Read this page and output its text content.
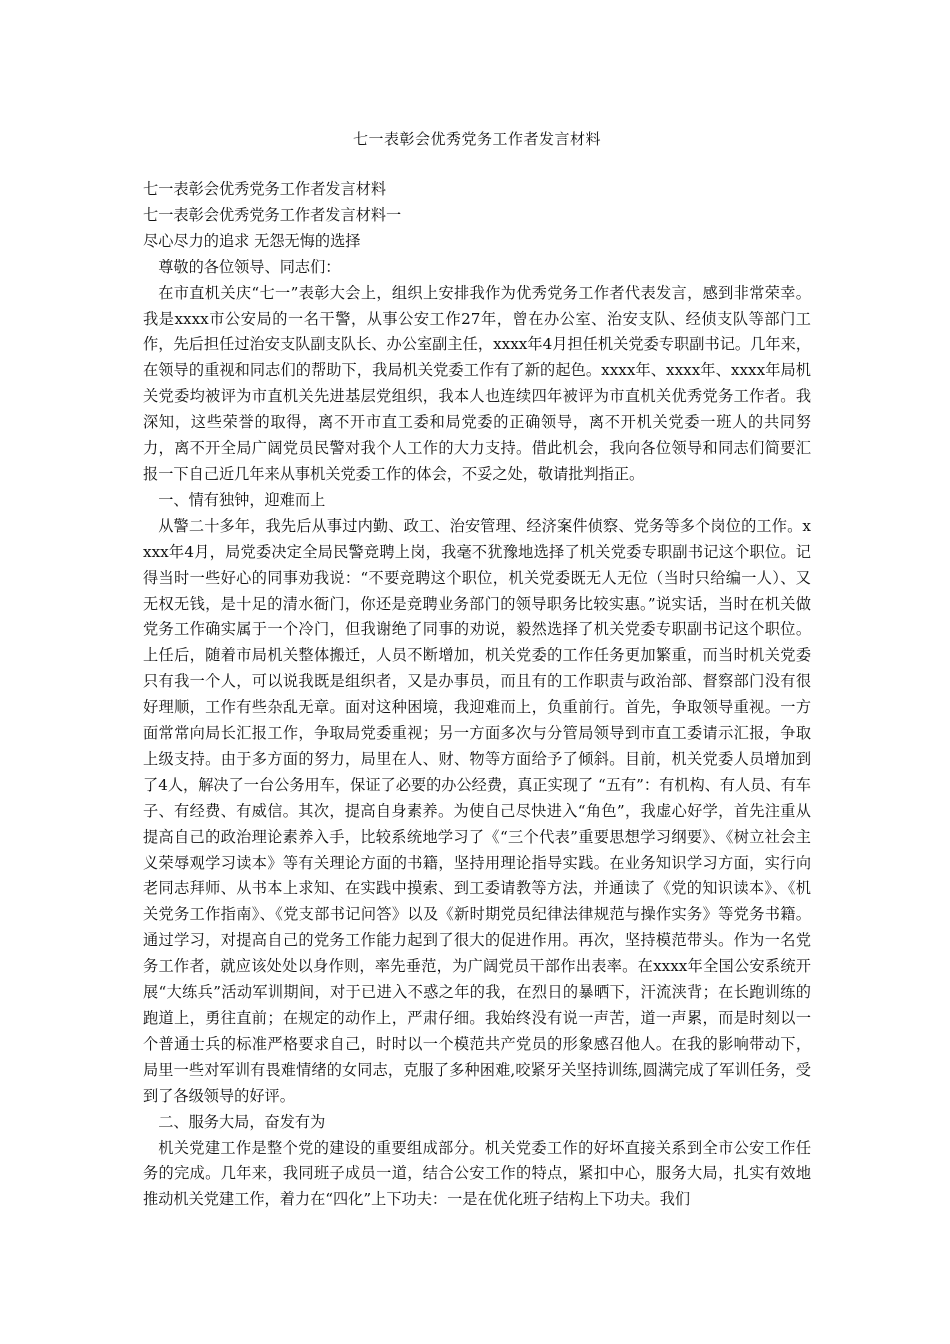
七一表彰会优秀党务工作者发言材料

七一表彰会优秀党务工作者发言材料

七一表彰会优秀党务工作者发言材料一

尽心尽力的追求 无怨无悔的选择

尊敬的各位领导、同志们：

在市直机关庆“七一”表彰大会上，组织上安排我作为优秀党务工作者代表发言，感到非常荣幸。我是xxxx市公安局的一名干警，从事公安工作27年，曾在办公室、治安支队、经侦支队等部门工作，先后担任过治安支队副支队长、办公室副主任，xxxx年4月担任机关党委专职副书记。几年来，在领导的重视和同志们的帮助下，我局机关党委工作有了新的起色。xxxx年、xxxx年、xxxx年局机关党委均被评为市直机关先进基层党组织，我本人也连续四年被评为市直机关优秀党务工作者。我深知，这些荣誉的取得，离不开市直工委和局党委的正确领导，离不开机关党委一班人的共同努力，离不开全局广阔党员民警对我个人工作的大力支持。借此机会，我向各位领导和同志们简要汇报一下自己近几年来从事机关党委工作的体会，不妥之处，敬请批判指正。

一、情有独钟，迎难而上

从警二十多年，我先后从事过内勤、政工、治安管理、经济案件侦察、党务等多个岗位的工作。xxxx年4月，局党委决定全局民警竞聘上岗，我毫不犹豫地选择了机关党委专职副书记这个职位。记得当时一些好心的同事劝我说：“不要竞聘这个职位，机关党委既无人无位（当时只给编一人）、又无权无钱，是十足的清水衙门，你还是竞聘业务部门的领导职务比较实惠。”说实话，当时在机关做党务工作确实属于一个冷门，但我谢绝了同事的劝说，毅然选择了机关党委专职副书记这个职位。上任后，随着市局机关整体搬迁，人员不断增加，机关党委的工作任务更加繁重，而当时机关党委只有我一个人，可以说我既是组织者，又是办事员，而且有的工作职责与政治部、督察部门没有很好理顺，工作有些杂乱无章。面对这种困境，我迎难而上，负重前行。首先，争取领导重视。一方面常常向局长汇报工作，争取局党委重视；另一方面多次与分管局领导到市直工委请示汇报，争取上级支持。由于多方面的努力，局里在人、财、物等方面给予了倾斜。目前，机关党委人员增加到了4人，解决了一台公务用车，保证了必要的办公经费，真正实现了 “五有”：有机构、有人员、有车子、有经费、有威信。其次，提高自身素养。为使自己尽快进入“角色”，我虚心好学，首先注重从提高自己的政治理论素养入手，比较系统地学习了《“三个代表”重要思想学习纲要》、《树立社会主义荣辱观学习读本》等有关理论方面的书籍，坚持用理论指导实践。在业务知识学习方面，实行向老同志拜师、从书本上求知、在实践中摸索、到工委请教等方法，并通读了《党的知识读本》、《机关党务工作指南》、《党支部书记问答》以及《新时期党员纪律法律规范与操作实务》等党务书籍。通过学习，对提高自己的党务工作能力起到了很大的促进作用。再次，坚持模范带头。作为一名党务工作者，就应该处处以身作则，率先垂范，为广阔党员干部作出表率。在xxxx年全国公安系统开展“大练兵”活动军训期间，对于已进入不惑之年的我，在烈日的暴晒下，汗流浃背；在长跑训练的跑道上，勇往直前；在规定的动作上，严肃仔细。我始终没有说一声苦，道一声累，而是时刻以一个普通士兵的标准严格要求自己，时时以一个模范共产党员的形象感召他人。在我的影响带动下，局里一些对军训有畏难情绪的女同志，克服了多种困难,咬紧牙关坚持训练,圆满完成了军训任务，受到了各级领导的好评。

二、服务大局，奋发有为

机关党建工作是整个党的建设的重要组成部分。机关党委工作的好坏直接关系到全市公安工作任务的完成。几年来，我同班子成员一道，结合公安工作的特点，紧扣中心，服务大局，扎实有效地推动机关党建工作，着力在“四化”上下功夫：一是在优化班子结构上下功夫。我们
